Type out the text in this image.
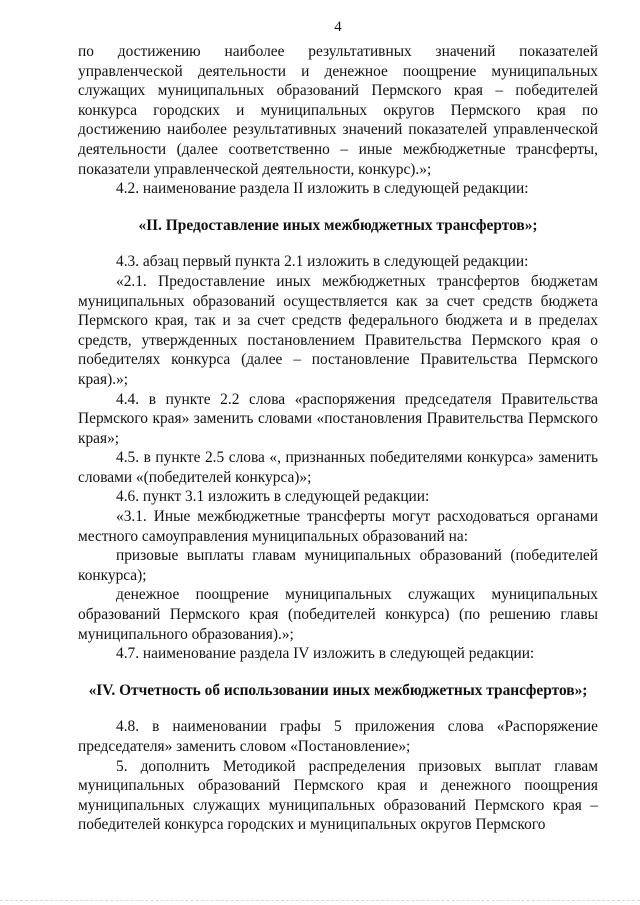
4

по достижению наиболее результативных значений показателей управленческой деятельности и денежное поощрение муниципальных служащих муниципальных образований Пермского края – победителей конкурса городских и муниципальных округов Пермского края по достижению наиболее результативных значений показателей управленческой деятельности (далее соответственно – иные межбюджетные трансферты, показатели управленческой деятельности, конкурс).»;

4.2. наименование раздела II изложить в следующей редакции:

«II. Предоставление иных межбюджетных трансфертов»;

4.3. абзац первый пункта 2.1 изложить в следующей редакции:

«2.1. Предоставление иных межбюджетных трансфертов бюджетам муниципальных образований осуществляется как за счет средств бюджета Пермского края, так и за счет средств федерального бюджета и в пределах средств, утвержденных постановлением Правительства Пермского края о победителях конкурса (далее – постановление Правительства Пермского края).»;

4.4. в пункте 2.2 слова «распоряжения председателя Правительства Пермского края» заменить словами «постановления Правительства Пермского края»;

4.5. в пункте 2.5 слова «, признанных победителями конкурса» заменить словами «(победителей конкурса)»;

4.6. пункт 3.1 изложить в следующей редакции:

«3.1. Иные межбюджетные трансферты могут расходоваться органами местного самоуправления муниципальных образований на:

призовые выплаты главам муниципальных образований (победителей конкурса);

денежное поощрение муниципальных служащих муниципальных образований Пермского края (победителей конкурса) (по решению главы муниципального образования).»;

4.7. наименование раздела IV изложить в следующей редакции:

«IV. Отчетность об использовании иных межбюджетных трансфертов»;

4.8. в наименовании графы 5 приложения слова «Распоряжение председателя» заменить словом «Постановление»;

5. дополнить Методикой распределения призовых выплат главам муниципальных образований Пермского края и денежного поощрения муниципальных служащих муниципальных образований Пермского края – победителей конкурса городских и муниципальных округов Пермского
